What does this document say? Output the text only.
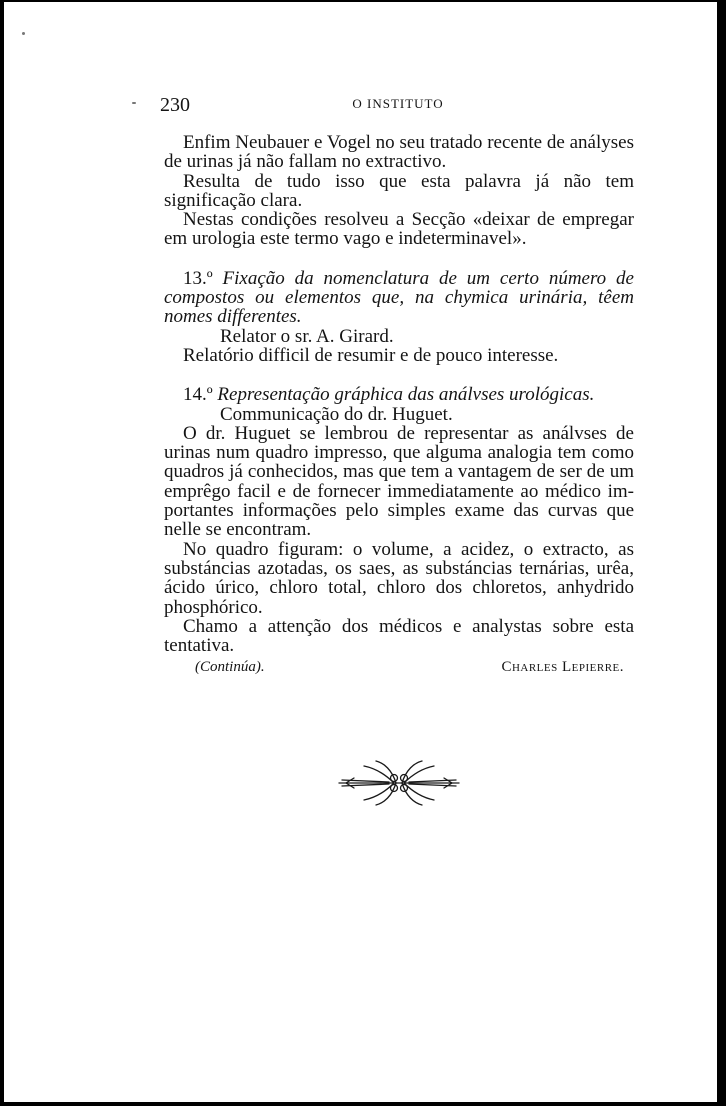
230	O INSTITUTO

Enfim Neubauer e Vogel no seu tratado recente de anályses de urinas já não fallam no extractivo.

Resulta de tudo isso que esta palavra já não tem significação clara.

Nestas condições resolveu a Secção «deixar de empregar em urologia este termo vago e indeterminavel».

13.º Fixação da nomenclatura de um certo número de compostos ou elementos que, na chymica urinária, têem nomes differentes.

Relator o sr. A. Girard.

Relatório difficil de resumir e de pouco interesse.

14.º Representação gráphica das análvses urológicas.

Communicação do dr. Huguet.

O dr. Huguet se lembrou de representar as análvses de urinas num quadro impresso, que alguma analogia tem como quadros já conhecidos, mas que tem a vantagem de ser de um emprêgo facil e de fornecer immediatamente ao médico importantes informações pelo simples exame das curvas que nelle se encontram.

No quadro figuram: o volume, a acidez, o extracto, as substáncias azotadas, os saes, as substáncias ternárias, urêa, ácido úrico, chloro total, chloro dos chloretos, anhydrido phosphórico.

Chamo a attenção dos médicos e analystas sobre esta tentativa.

(Continúa).	Charles Lepierre.
